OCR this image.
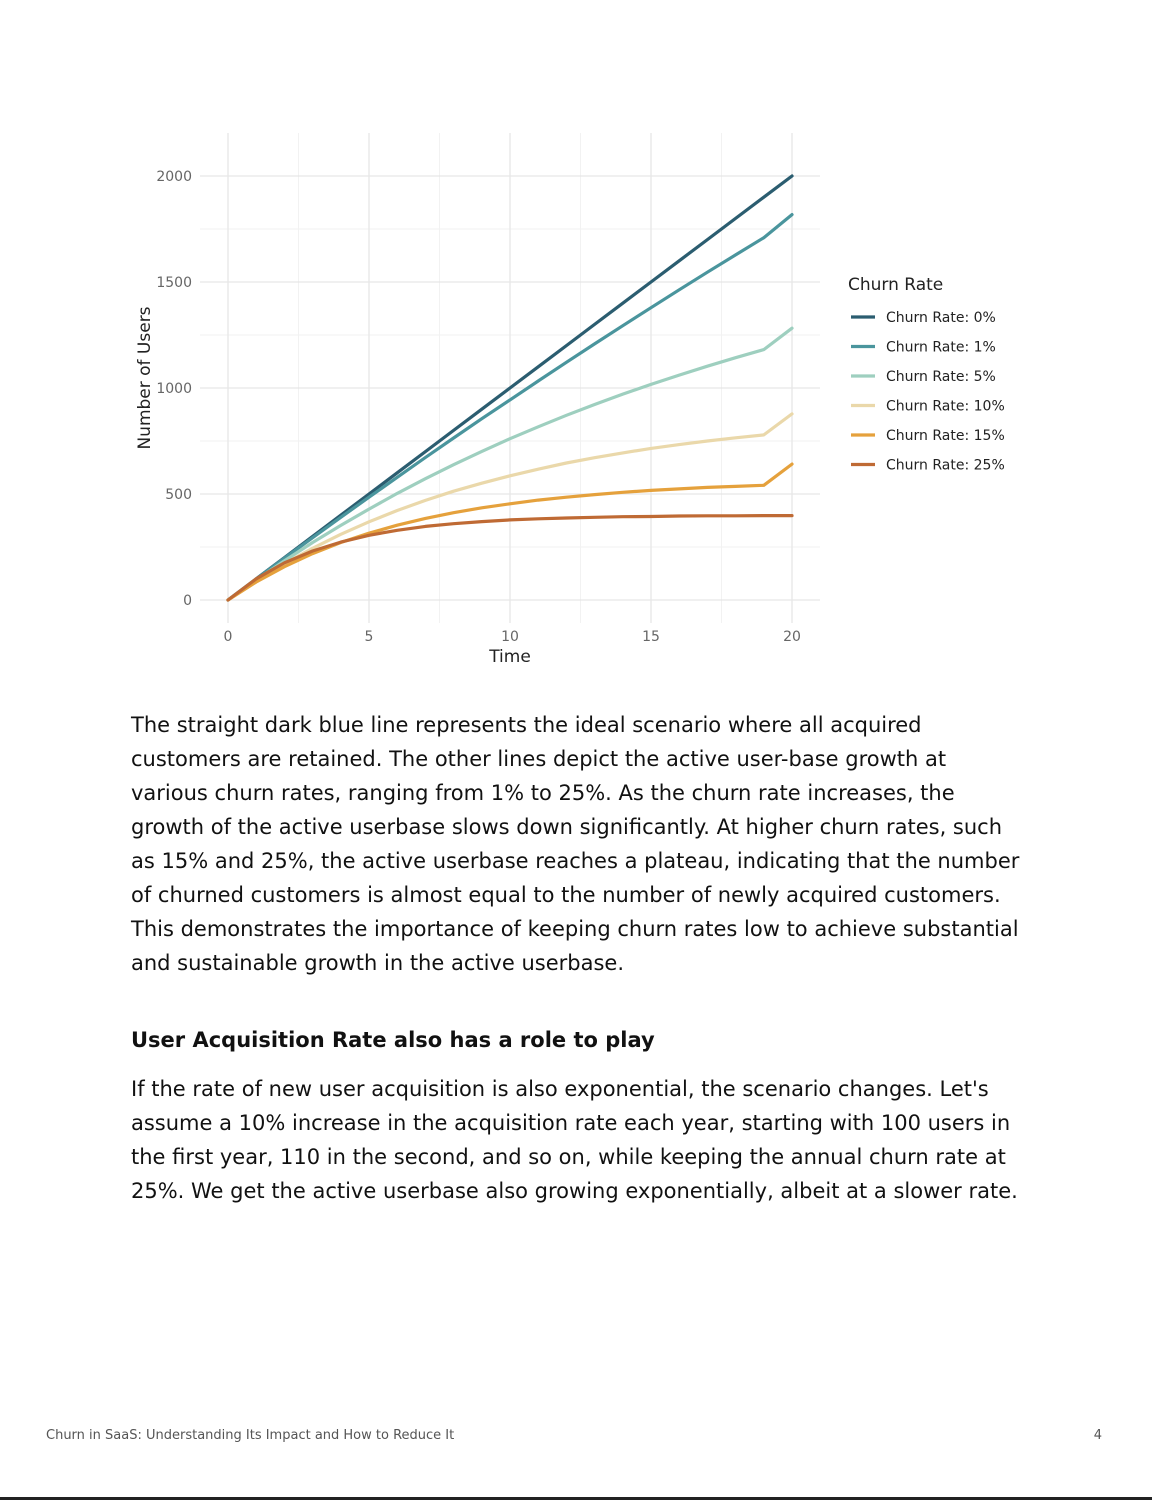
0	5	10	15	20
0
500
1000
1500
2000
Time
Number of Users
Churn Rate
Churn Rate: 0%
Churn Rate: 1%
Churn Rate: 5%
Churn Rate: 10%
Churn Rate: 15%
Churn Rate: 25%

The straight dark blue line represents the ideal scenario where all acquired customers are retained. The other lines depict the active user-base growth at various churn rates, ranging from 1% to 25%. As the churn rate increases, the growth of the active userbase slows down significantly. At higher churn rates, such as 15% and 25%, the active userbase reaches a plateau, indicating that the number of churned customers is almost equal to the number of newly acquired customers. This demonstrates the importance of keeping churn rates low to achieve substantial and sustainable growth in the active userbase.

User Acquisition Rate also has a role to play

If the rate of new user acquisition is also exponential, the scenario changes. Let's assume a 10% increase in the acquisition rate each year, starting with 100 users in the first year, 110 in the second, and so on, while keeping the annual churn rate at 25%. We get the active userbase also growing exponentially, albeit at a slower rate.

Churn in SaaS: Understanding Its Impact and How to Reduce It	4
